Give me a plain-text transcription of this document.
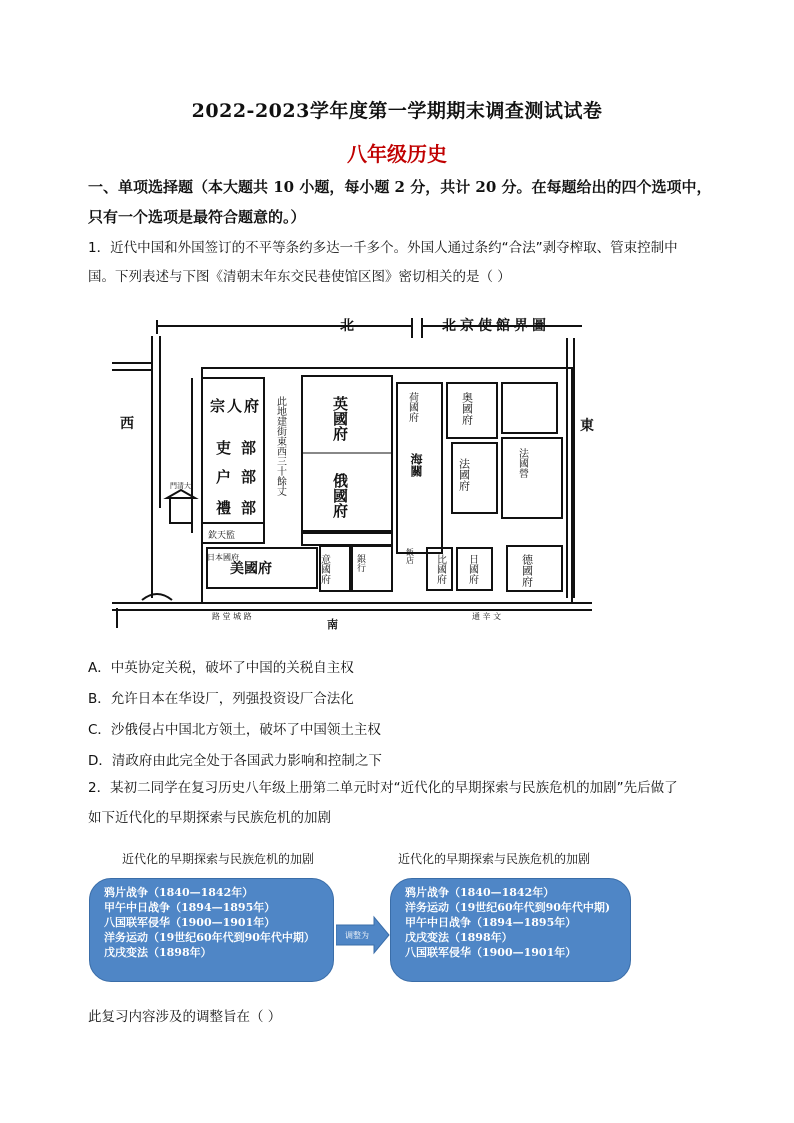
2022-2023学年度第一学期期末调查测试试卷
八年级历史
一、单项选择题（本大题共 10 小题，每小题 2 分，共计 20 分。在每题给出的四个选项中，
只有一个选项是最符合题意的。）
1．近代中国和外国签订的不平等条约多达一千多个。外国人通过条约“合法”剥夺榨取、管束控制中
国。下列表述与下图《清朝末年东交民巷使馆区图》密切相关的是（ ）
北	北京使館界圖
西	東
南
通 辛 文
路 堂 城 路
宗人府
吏部
户部
禮部
欽天監
門清大	此地建街東西三十餘丈	英國府
俄國府
美國府
日本國府	意國府	比國府	德國府
奥國府
荷國府
海關	法國府	法國營
日國府
銀行	飯店
A．中英协定关税，破坏了中国的关税自主权
B．允许日本在华设厂，列强投资设厂合法化
C．沙俄侵占中国北方领土，破坏了中国领土主权
D．清政府由此完全处于各国武力影响和控制之下
2．某初二同学在复习历史八年级上册第二单元时对“近代化的早期探索与民族危机的加剧”先后做了
如下近代化的早期探索与民族危机的加剧
近代化的早期探索与民族危机的加剧	近代化的早期探索与民族危机的加剧
鸦片战争（1840—1842年）
甲午中日战争（1894—1895年）
八国联军侵华（1900—1901年）
洋务运动（19世纪60年代到90年代中期）
戊戌变法（1898年）
调整为
鸦片战争（1840—1842年）
洋务运动（19世纪60年代到90年代中期)
甲午中日战争（1894—1895年）
戊戌变法（1898年）
八国联军侵华（1900—1901年）
此复习内容涉及的调整旨在（ ）
